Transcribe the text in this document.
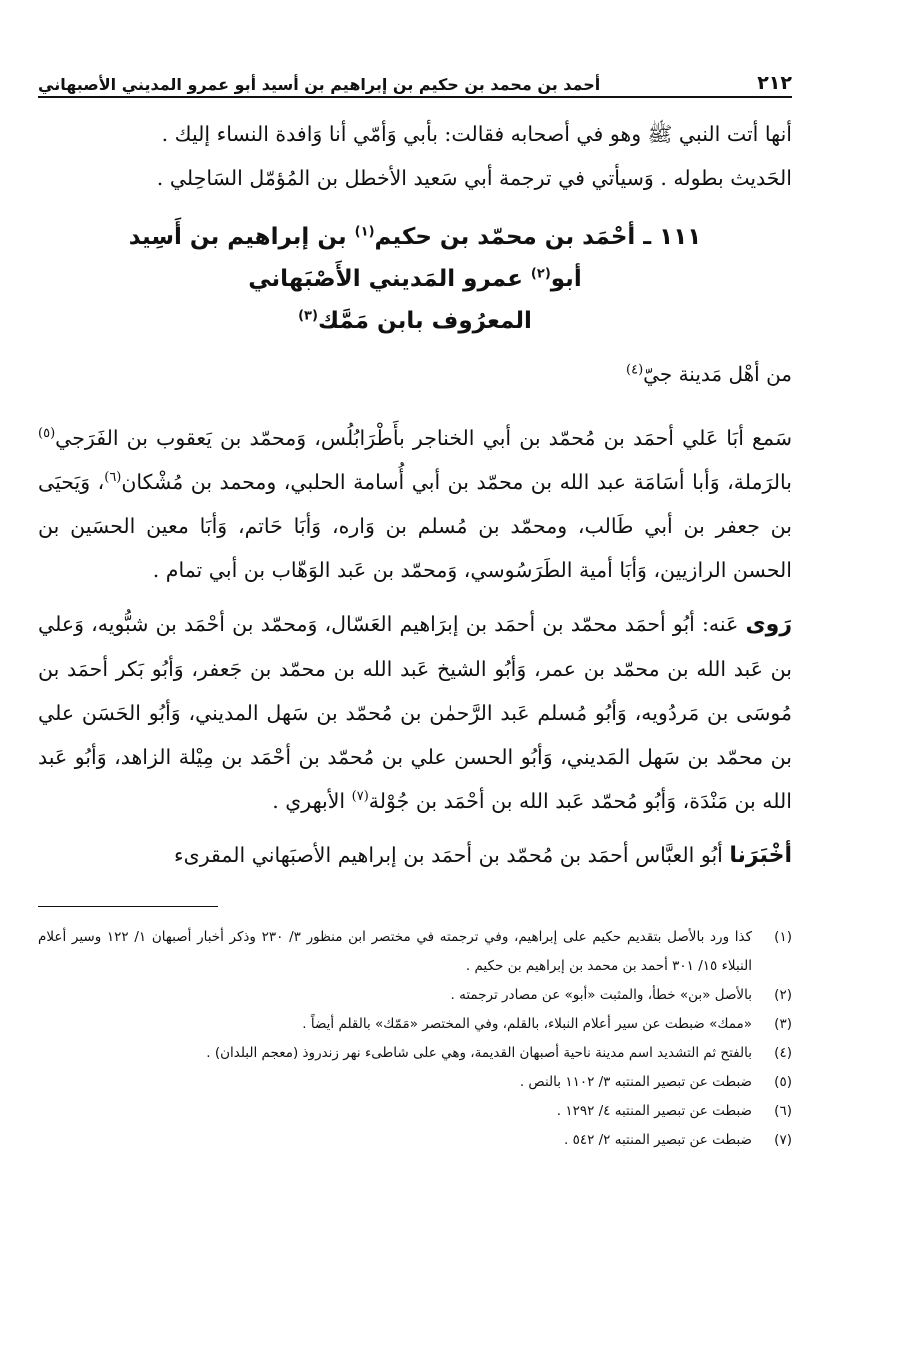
٢١٢
أحمد بن محمد بن حكيم بن إبراهيم بن أسيد أبو عمرو المديني الأصبهاني

أنها أتت النبي ﷺ وهو في أصحابه فقالت: بأبي وَأمّي أنا وَافدة النساء إليك .

الحَديث بطوله . وَسيأتي في ترجمة أبي سَعيد الأخطل بن المُؤمّل السَاحِلي .

١١١ ـ أحْمَد بن محمّد بن حكيم$^{(١)}$ بن إبراهيم بن أَسِيد
أبو$^{(٢)}$ عمرو المَديني الأَصْبَهاني
المعرُوف بابن مَمَّك$^{(٣)}$

من أهْل مَدينة جيّ$^{(٤)}$

سَمع أبَا عَلي أحمَد بن مُحمّد بن أبي الخناجر بأَطْرَابُلُس، وَمحمّد بن يَعقوب بن الفَرَجي$^{(٥)}$ بالرَملة، وَأبا أسَامَة عبد الله بن محمّد بن أبي أُسامة الحلبي، ومحمد بن مُشْكان$^{(٦)}$، وَيَحيَى بن جعفر بن أبي طَالب، ومحمّد بن مُسلم بن وَاره، وَأبَا حَاتم، وَأبَا معين الحسَين بن الحسن الرازيين، وَأبَا أمية الطَرَسُوسي، وَمحمّد بن عَبد الوَهّاب بن أبي تمام .

رَوى عَنه: أبُو أحمَد محمّد بن أحمَد بن إبرَاهيم العَسّال، وَمحمّد بن أحْمَد بن شبُّويه، وَعلي بن عَبد الله بن محمّد بن عمر، وَأبُو الشيخ عَبد الله بن محمّد بن جَعفر، وَأبُو بَكر أحمَد بن مُوسَى بن مَردُويه، وَأبُو مُسلم عَبد الرَّحمٰن بن مُحمّد بن سَهل المديني، وَأبُو الحَسَن علي بن محمّد بن سَهل المَديني، وَأبُو الحسن علي بن مُحمّد بن أحْمَد بن مِيْلة الزاهد، وَأبُو عَبد الله بن مَنْدَة، وَأبُو مُحمّد عَبد الله بن أحْمَد بن جُوْلة$^{(٧)}$ الأبهري .

أخْبَرَنا أبُو العبَّاس أحمَد بن مُحمّد بن أحمَد بن إبراهيم الأصبَهاني المقرىء

(١)
كذا ورد بالأصل بتقديم حكيم على إبراهيم، وفي ترجمته في مختصر ابن منظور ٣/ ٢٣٠ وذكر أخبار أصبهان ١/ ١٢٢ وسير أعلام النبلاء ١٥/ ٣٠١ أحمد بن محمد بن إبراهيم بن حكيم .
(٢)
بالأصل «بن» خطأ، والمثبت «أبو» عن مصادر ترجمته .
(٣)
«ممك» ضبطت عن سير أعلام النبلاء، بالقلم، وفي المختصر «مَمّك» بالقلم أيضاً .
(٤)
بالفتح ثم التشديد اسم مدينة ناحية أصبهان القديمة، وهي على شاطىء نهر زندروذ (معجم البلدان) .
(٥)
ضبطت عن تبصير المنتبه ٣/ ١١٠٢ بالنص .
(٦)
ضبطت عن تبصير المنتبه ٤/ ١٢٩٢ .
(٧)
ضبطت عن تبصير المنتبه ٢/ ٥٤٢ .
